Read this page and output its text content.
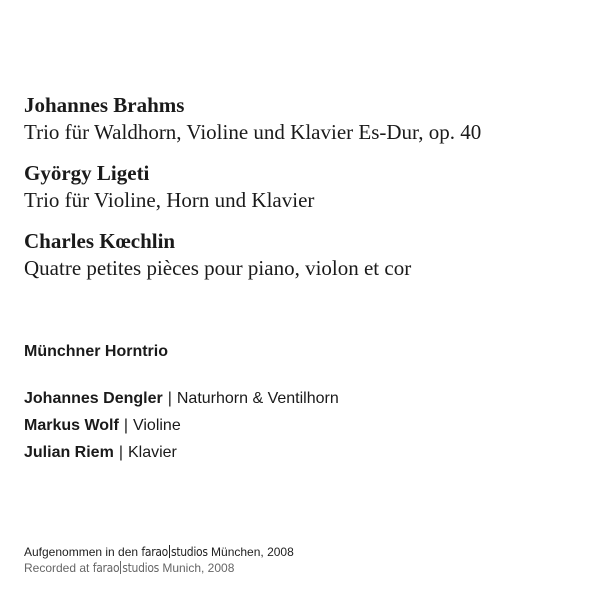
Johannes Brahms
Trio für Waldhorn, Violine und Klavier Es-Dur, op. 40
György Ligeti
Trio für Violine, Horn und Klavier
Charles Kœchlin
Quatre petites pièces pour piano, violon et cor
Münchner Horntrio
Johannes Dengler | Naturhorn & Ventilhorn
Markus Wolf | Violine
Julian Riem | Klavier
Aufgenommen in den farao studios München, 2008
Recorded at farao studios Munich, 2008
